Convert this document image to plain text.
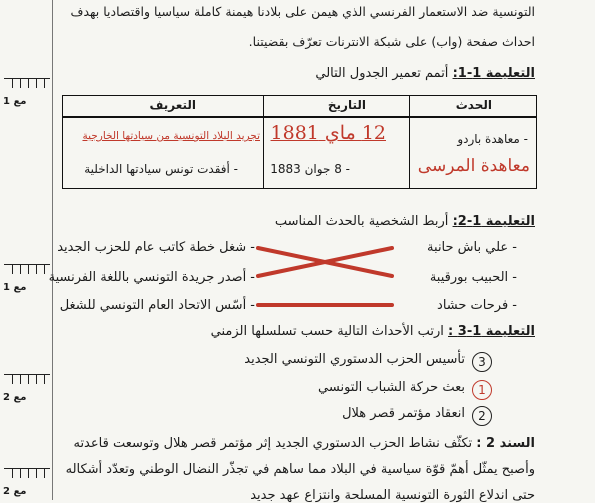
مع 1
مع 1
مع 2
مع 2
التونسية ضد الاستعمار الفرنسي الذي هيمن على بلادنا هيمنة كاملة سياسيا واقتصاديا بهدف
احداث صفحة (واب) على شبكة الانترنات تعرّف بقضيتنا.
التعليمة 1-1: أتمم تعمير الجدول التالي
الحدث
التاريخ
التعريف
- معاهدة باردو
12 ماي 1881
تجريد البلاد التونسية من سيادتها الخارجية
معاهدة المرسى
- 8 جوان 1883
- أفقدت تونس سيادتها الداخلية
التعليمة 1-2: أربط الشخصية بالحدث المناسب
- علي باش حانبة
- الحبيب بورقيبة
- فرحات حشاد
- شغل خطة كاتب عام للحزب الجديد
- أصدر جريدة التونسي باللغة الفرنسية
- أسّس الاتحاد العام التونسي للشغل
التعليمة 1-3 : ارتب الأحداث التالية حسب تسلسلها الزمني
3
تأسيس الحزب الدستوري التونسي الجديد
1
بعث حركة الشباب التونسي
2
انعقاد مؤتمر قصر هلال
السند 2 : تكثّف نشاط الحزب الدستوري الجديد إثر مؤتمر قصر هلال وتوسعت قاعدته
وأصبح يمثّل أهمّ قوّة سياسية في البلاد مما ساهم في تجذّر النضال الوطني وتعدّد أشكاله
حتى اندلاع الثورة التونسية المسلحة وانتزاع عهد جديد
